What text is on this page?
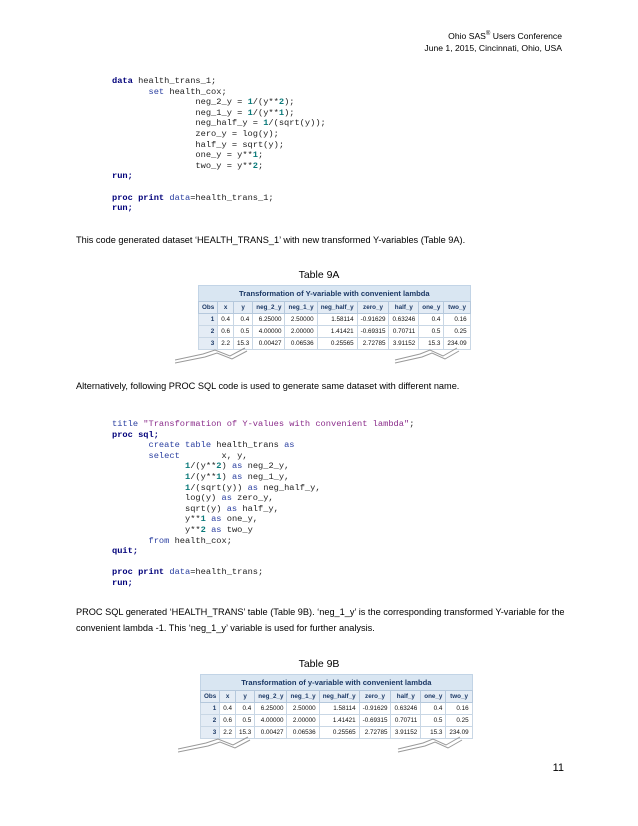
Ohio SAS® Users Conference
June 1, 2015, Cincinnati, Ohio, USA
data health_trans_1;
set health_cox;
neg_2_y = 1/(y**2);
neg_1_y = 1/(y**1);
neg_half_y = 1/(sqrt(y));
zero_y = log(y);
half_y = sqrt(y);
one_y = y**1;
two_y = y**2;
run;

proc print data=health_trans_1;
run;
This code generated dataset ‘HEALTH_TRANS_1’ with new transformed Y-variables (Table 9A).
Table 9A
Transformation of Y-variable with convenient lambda
Obs	x	y	neg_2_y	neg_1_y	neg_half_y	zero_y	half_y	one_y	two_y
1	0.4	0.4	6.25000	2.50000	1.58114	-0.91629	0.63246	0.4	0.16
2	0.6	0.5	4.00000	2.00000	1.41421	-0.69315	0.70711	0.5	0.25
3	2.2	15.3	0.00427	0.06536	0.25565	2.72785	3.91152	15.3	234.09
Alternatively, following PROC SQL code is used to generate same dataset with different name.
title "Transformation of Y-values with convenient lambda";
proc sql;
create table health_trans as
select	x, y,
1/(y**2) as neg_2_y,
1/(y**1) as neg_1_y,
1/(sqrt(y)) as neg_half_y,
log(y) as zero_y,
sqrt(y) as half_y,
y**1 as one_y,
y**2 as two_y
from health_cox;
quit;

proc print data=health_trans;
run;
PROC SQL generated ‘HEALTH_TRANS’ table (Table 9B). ‘neg_1_y’ is the corresponding transformed Y-variable for the convenient lambda -1. This ‘neg_1_y’ variable is used for further analysis.
Table 9B
Transformation of y-variable with convenient lambda
Obs	x	y	neg_2_y	neg_1_y	neg_half_y	zero_y	half_y	one_y	two_y
1	0.4	0.4	6.25000	2.50000	1.58114	-0.91629	0.63246	0.4	0.16
2	0.6	0.5	4.00000	2.00000	1.41421	-0.69315	0.70711	0.5	0.25
3	2.2	15.3	0.00427	0.06536	0.25565	2.72785	3.91152	15.3	234.09
11
